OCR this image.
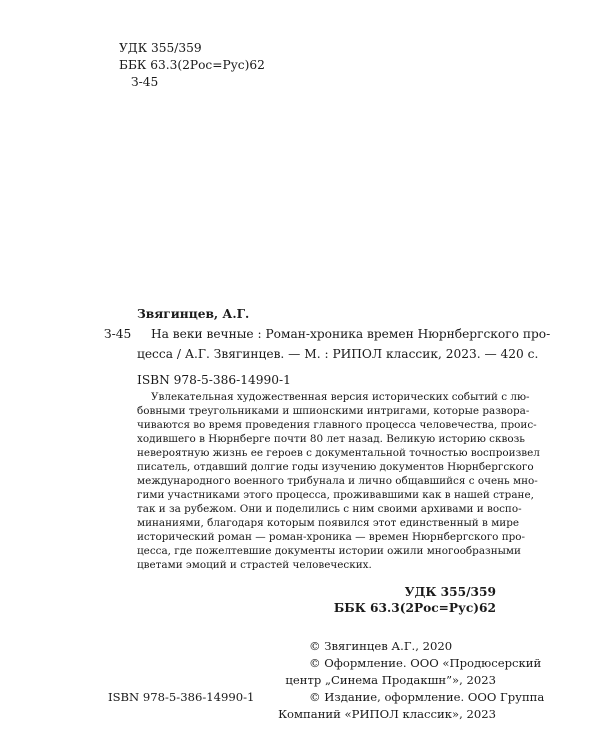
УДК 355/359
ББК 63.3(2Рос=Рус)62
З-45
Звягинцев, А.Г.
З-45 На веки вечные : Роман-хроника времен Нюрнбергского про-
цесса / А.Г. Звягинцев. — М. : РИПОЛ классик, 2023. — 420 с.
ISBN 978-5-386-14990-1
Увлекательная художественная версия исторических событий с лю-
бовными треугольниками и шпионскими интригами, которые развора-
чиваются во время проведения главного процесса человечества, проис-
ходившего в Нюрнберге почти 80 лет назад. Великую историю сквозь
невероятную жизнь ее героев с документальной точностью воспроизвел
писатель, отдавший долгие годы изучению документов Нюрнбергского
международного военного трибунала и лично общавшийся с очень мно-
гими участниками этого процесса, проживавшими как в нашей стране,
так и за рубежом. Они и поделились с ним своими архивами и воспо-
минаниями, благодаря которым появился этот единственный в мире
исторический роман — роман-хроника — времен Нюрнбергского про-
цесса, где пожелтевшие документы истории ожили многообразными
цветами эмоций и страстей человеческих.
УДК 355/359
ББК 63.3(2Рос=Рус)62
© Звягинцев А.Г., 2020
© Оформление. ООО «Продюсерский
центр „Синема Продакшн”», 2023
© Издание, оформление. ООО Группа
Компаний «РИПОЛ классик», 2023
ISBN 978-5-386-14990-1
